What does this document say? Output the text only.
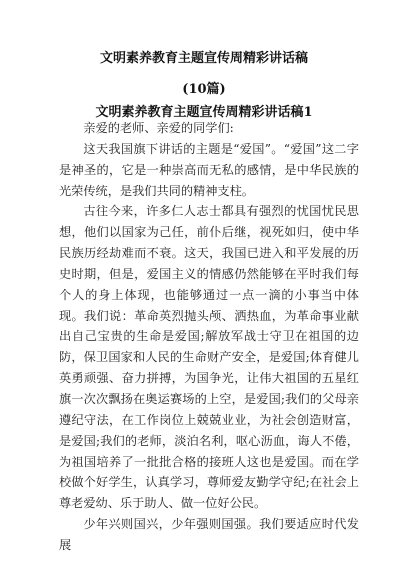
文明素养教育主题宣传周精彩讲话稿
(10篇)
文明素养教育主题宣传周精彩讲话稿1

亲爱的老师、亲爱的同学们:

这天我国旗下讲话的主题是“爱国”。“爱国”这二字是神圣的，它是一种崇高而无私的感情，是中华民族的光荣传统，是我们共同的精神支柱。

古往今来，许多仁人志士都具有强烈的忧国忧民思想，他们以国家为己任，前仆后继，视死如归，使中华民族历经劫难而不衰。这天，我国已进入和平发展的历史时期，但是，爱国主义的情感仍然能够在平时我们每个人的身上体现，也能够通过一点一滴的小事当中体现。我们说：革命英烈抛头颅、洒热血，为革命事业献出自己宝贵的生命是爱国;解放军战士守卫在祖国的边防，保卫国家和人民的生命财产安全，是爱国;体育健儿英勇顽强、奋力拼搏，为国争光，让伟大祖国的五星红旗一次次飘扬在奥运赛场的上空，是爱国;我们的父母亲遵纪守法，在工作岗位上兢兢业业，为社会创造财富，是爱国;我们的老师，淡泊名利，呕心沥血，诲人不倦，为祖国培养了一批批合格的接班人这也是爱国。而在学校做个好学生，认真学习，尊师爱友勤学守纪;在社会上尊老爱幼、乐于助人、做一位好公民。

少年兴则国兴，少年强则国强。我们要适应时代发展
